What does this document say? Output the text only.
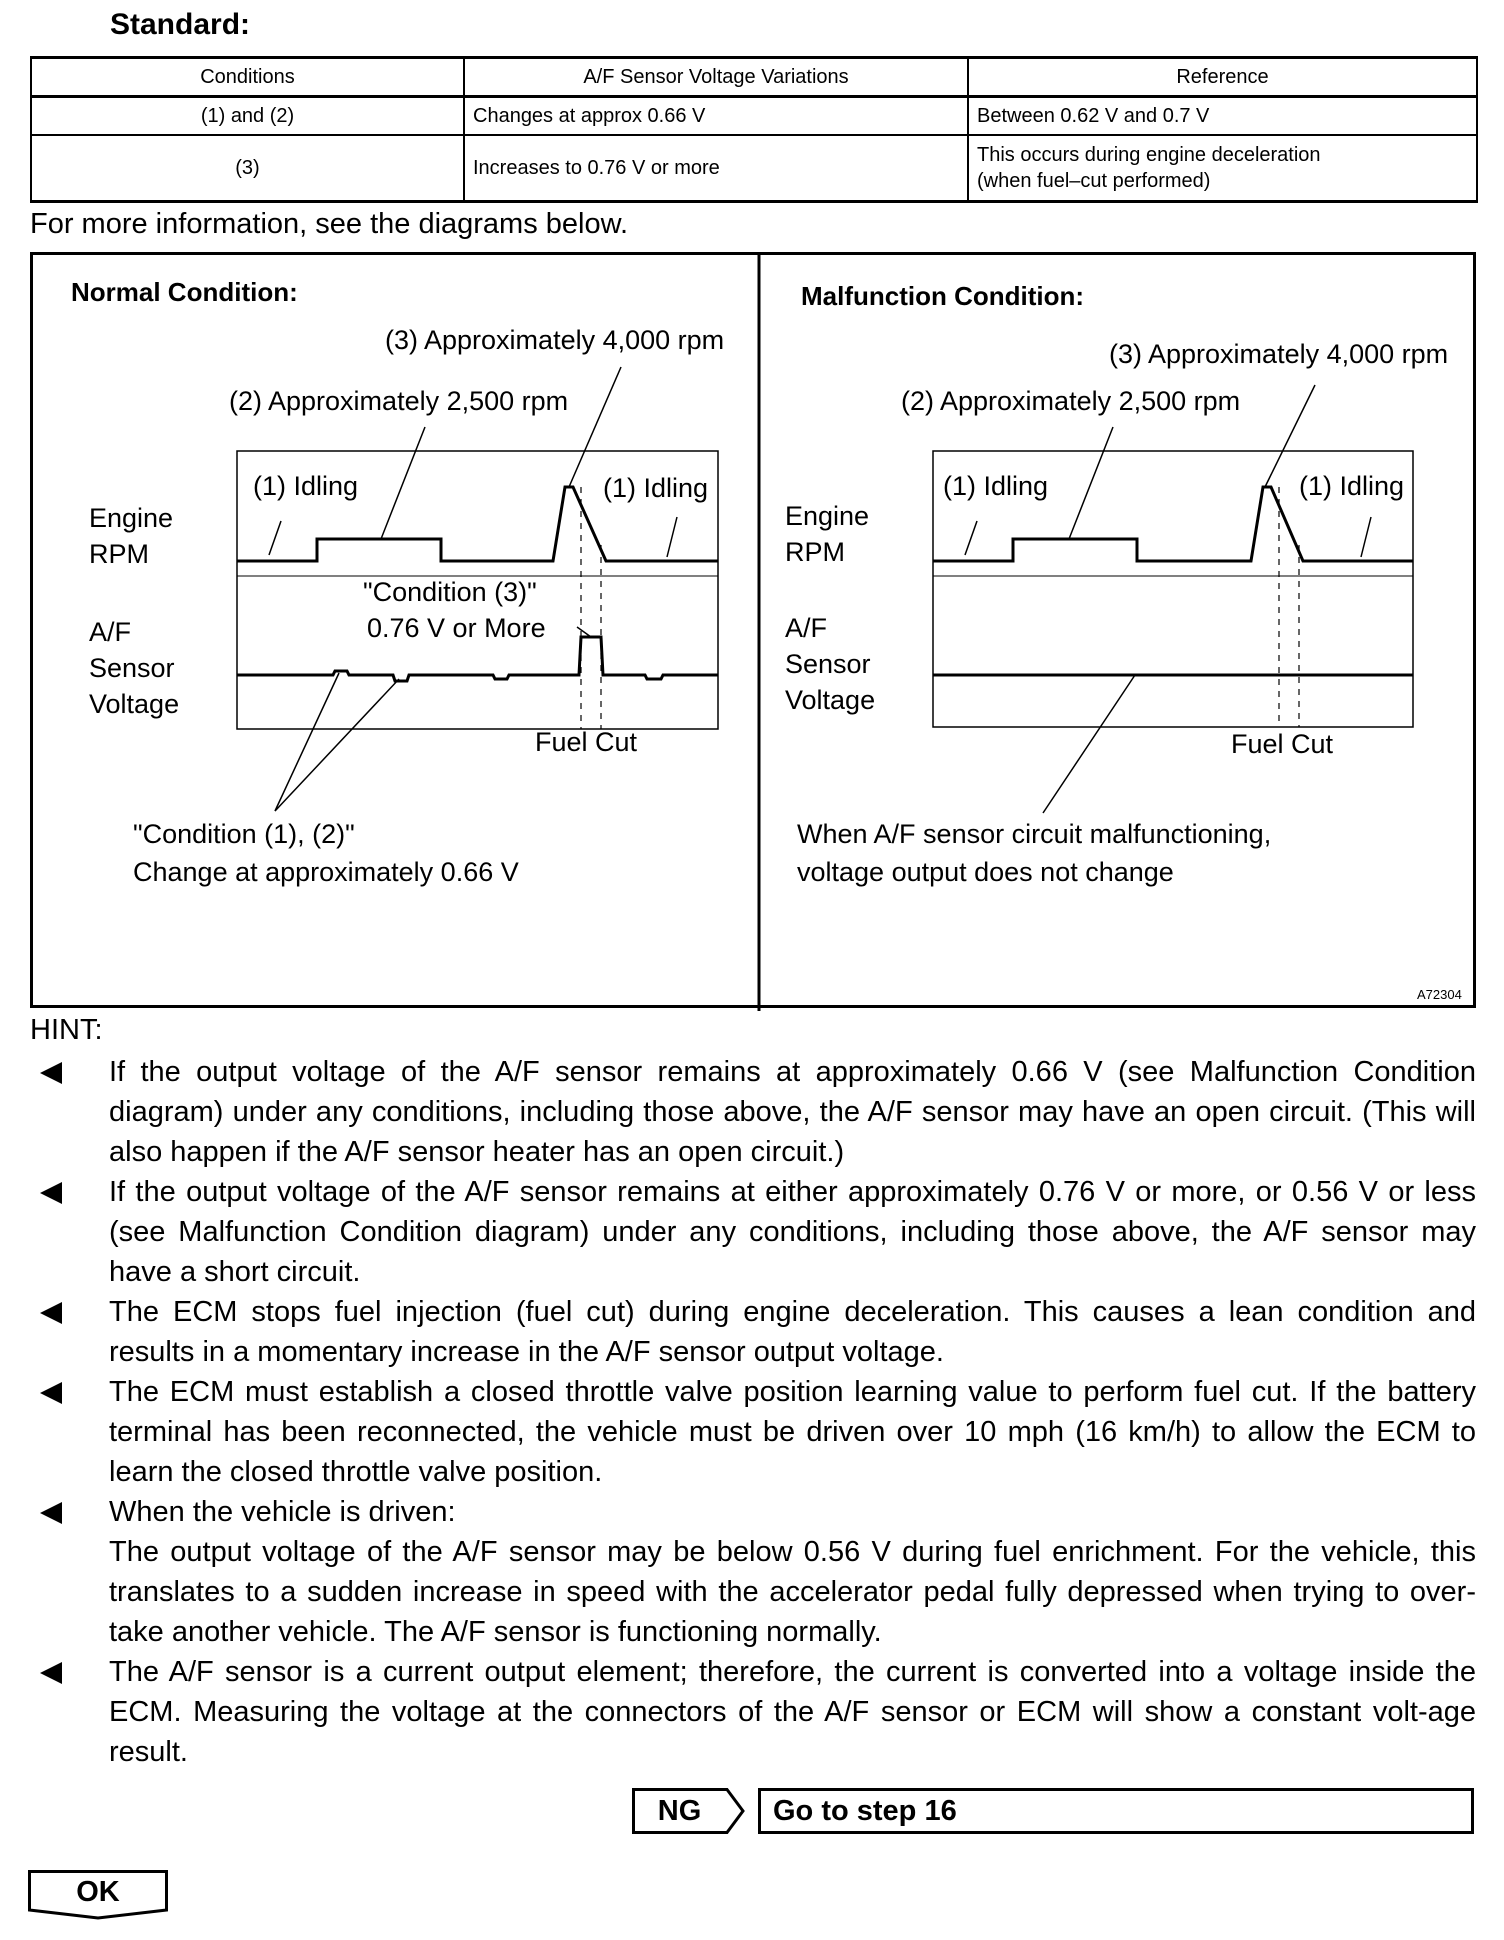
Standard:
Conditions	A/F Sensor Voltage Variations	Reference
(1) and (2)	Changes at approx 0.66 V	Between 0.62 V and 0.7 V
(3)	Increases to 0.76 V or more	This occurs during engine deceleration
(when fuel–cut performed)
For more information, see the diagrams below.
Normal Condition:
(3) Approximately 4,000 rpm
(2) Approximately 2,500 rpm
(1) Idling	(1) Idling
Engine
RPM
A/F
Sensor
Voltage
"Condition (3)"
0.76 V or More
Fuel Cut
"Condition (1), (2)"
Change at approximately 0.66 V
Malfunction Condition:
(3) Approximately 4,000 rpm
(2) Approximately 2,500 rpm
(1) Idling	(1) Idling
Engine
RPM
A/F
Sensor
Voltage
Fuel Cut
When A/F sensor circuit malfunctioning,
voltage output does not change
A72304
HINT:

If the output voltage of the A/F sensor remains at approximately 0.66 V (see Malfunction Condition diagram) under any conditions, including those above, the A/F sensor may have an open circuit. (This will also happen if the A/F sensor heater has an open circuit.)

If the output voltage of the A/F sensor remains at either approximately 0.76 V or more, or 0.56 V or less (see Malfunction Condition diagram) under any conditions, including those above, the A/F sensor may have a short circuit.

The ECM stops fuel injection (fuel cut) during engine deceleration. This causes a lean condition and results in a momentary increase in the A/F sensor output voltage.

The ECM must establish a closed throttle valve position learning value to perform fuel cut. If the battery terminal has been reconnected, the vehicle must be driven over 10 mph (16 km/h) to allow the ECM to learn the closed throttle valve position.

When the vehicle is driven:

The output voltage of the A/F sensor may be below 0.56 V during fuel enrichment. For the vehicle, this translates to a sudden increase in speed with the accelerator pedal fully depressed when trying to over-take another vehicle. The A/F sensor is functioning normally.

The A/F sensor is a current output element; therefore, the current is converted into a voltage inside the ECM. Measuring the voltage at the connectors of the A/F sensor or ECM will show a constant volt-age result.

NG	Go to step 16
OK
